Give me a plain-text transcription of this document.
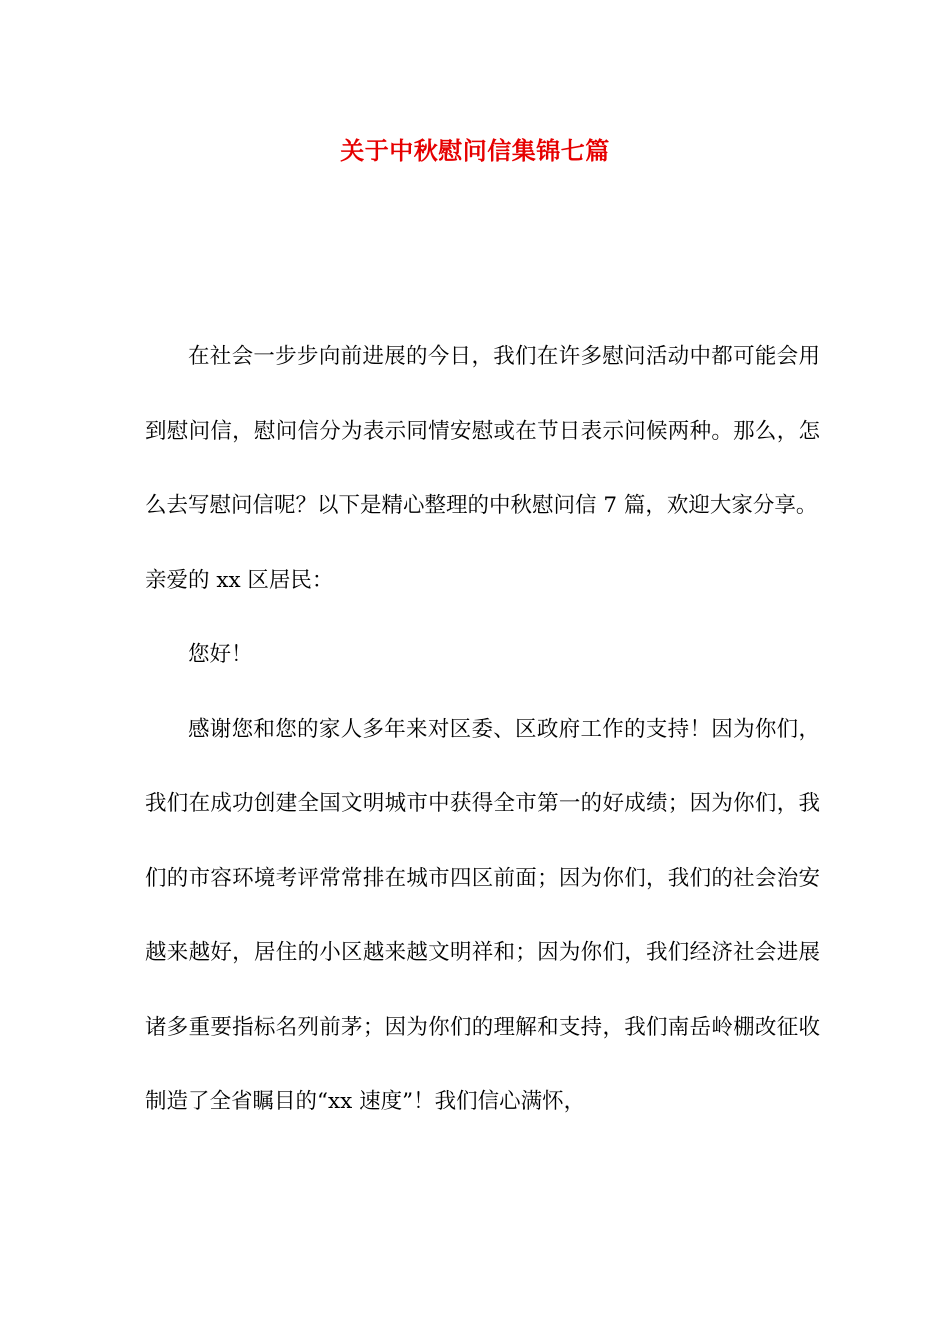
关于中秋慰问信集锦七篇

在社会一步步向前进展的今日，我们在许多慰问活动中都可能会用到慰问信，慰问信分为表示同情安慰或在节日表示问候两种。那么，怎么去写慰问信呢？以下是精心整理的中秋慰问信 7 篇，欢迎大家分享。

亲爱的 xx 区居民：

您好！

感谢您和您的家人多年来对区委、区政府工作的支持！因为你们，我们在成功创建全国文明城市中获得全市第一的好成绩；因为你们，我们的市容环境考评常常排在城市四区前面；因为你们，我们的社会治安越来越好，居住的小区越来越文明祥和；因为你们，我们经济社会进展诸多重要指标名列前茅；因为你们的理解和支持，我们南岳岭棚改征收制造了全省瞩目的“xx 速度”！我们信心满怀，
